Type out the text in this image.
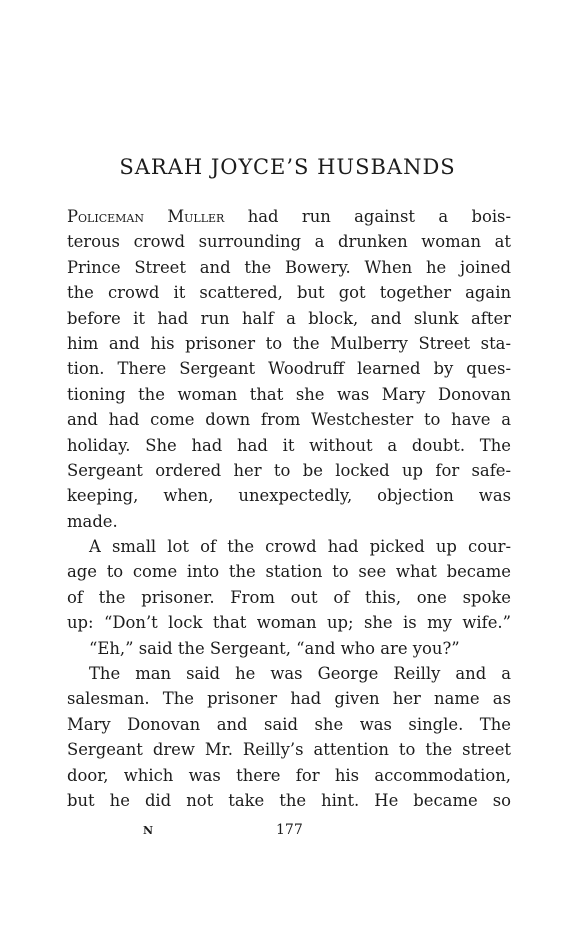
SARAH JOYCE’S HUSBANDS
Policeman Muller had run against a bois-
terous crowd surrounding a drunken woman at
Prince Street and the Bowery. When he joined
the crowd it scattered, but got together again
before it had run half a block, and slunk after
him and his prisoner to the Mulberry Street sta-
tion. There Sergeant Woodruff learned by ques-
tioning the woman that she was Mary Donovan
and had come down from Westchester to have a
holiday. She had had it without a doubt. The
Sergeant ordered her to be locked up for safe-
keeping, when, unexpectedly, objection was
made.
A small lot of the crowd had picked up cour-
age to come into the station to see what became
of the prisoner. From out of this, one spoke
up: “Don’t lock that woman up; she is my wife.”
“Eh,” said the Sergeant, “and who are you?”
The man said he was George Reilly and a
salesman. The prisoner had given her name as
Mary Donovan and said she was single. The
Sergeant drew Mr. Reilly’s attention to the street
door, which was there for his accommodation,
but he did not take the hint. He became so
N	177
